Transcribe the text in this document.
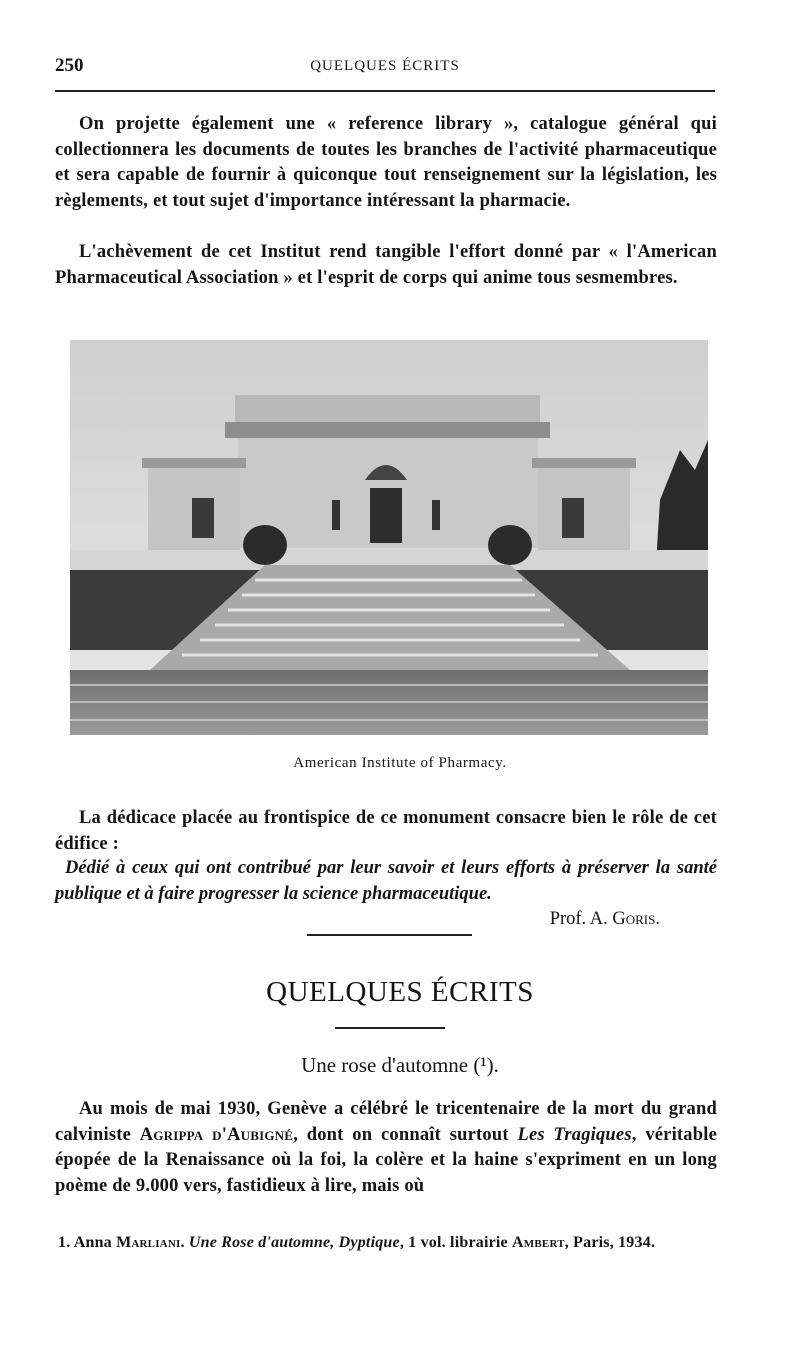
250	QUELQUES ÉCRITS

On projette également une « reference library », catalogue général qui collectionnera les documents de toutes les branches de l'activité pharmaceutique et sera capable de fournir à quiconque tout renseignement sur la législation, les règlements, et tout sujet d'importance intéressant la pharmacie.

L'achèvement de cet Institut rend tangible l'effort donné par « l'American Pharmaceutical Association » et l'esprit de corps qui anime tous sesmembres.

American Institute of Pharmacy.

La dédicace placée au frontispice de ce monument consacre bien le rôle de cet édifice :

Dédié à ceux qui ont contribué par leur savoir et leurs efforts à préserver la santé publique et à faire progresser la science pharmaceutique.

Prof. A. Goris.
QUELQUES ÉCRITS
Une rose d'automne (¹).

Au mois de mai 1930, Genève a célébré le tricentenaire de la mort du grand calviniste Agrippa d'Aubigné, dont on connaît surtout Les Tragiques, véritable épopée de la Renaissance où la foi, la colère et la haine s'expriment en un long poème de 9.000 vers, fastidieux à lire, mais où

1. Anna Marliani. Une Rose d'automne, Dyptique, 1 vol. librairie Ambert, Paris, 1934.
